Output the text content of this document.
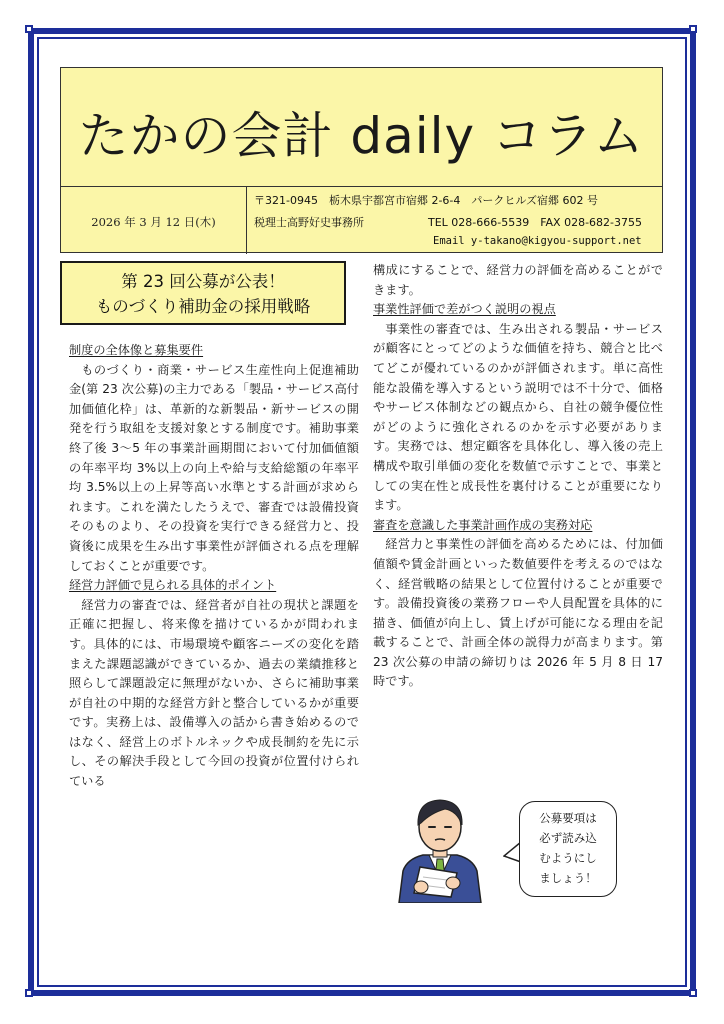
たかの会計 daily コラム
2026 年 3 月 12 日(木)
〒321-0945　栃木県宇都宮市宿郷 2-6-4　パークヒルズ宿郷 602 号
税理士高野好史事務所	TEL 028-666-5539　FAX 028-682-3755
Email y-takano@kigyou-support.net
第 23 回公募が公表！
ものづくり補助金の採用戦略
制度の全体像と募集要件

ものづくり・商業・サービス生産性向上促進補助金(第 23 次公募)の主力である「製品・サービス高付加価値化枠」は、革新的な新製品・新サービスの開発を行う取組を支援対象とする制度です。補助事業終了後 3～5 年の事業計画期間において付加価値額の年率平均 3%以上の向上や給与支給総額の年率平均 3.5%以上の上昇等高い水準とする計画が求められます。これを満たしたうえで、審査では設備投資そのものより、その投資を実行できる経営力と、投資後に成果を生み出す事業性が評価される点を理解しておくことが重要です。

経営力評価で見られる具体的ポイント

経営力の審査では、経営者が自社の現状と課題を正確に把握し、将来像を描けているかが問われます。具体的には、市場環境や顧客ニーズの変化を踏まえた課題認識ができているか、過去の業績推移と照らして課題設定に無理がないか、さらに補助事業が自社の中期的な経営方針と整合しているかが重要です。実務上は、設備導入の話から書き始めるのではなく、経営上のボトルネックや成長制約を先に示し、その解決手段として今回の投資が位置付けられている

構成にすることで、経営力の評価を高めることができます。

事業性評価で差がつく説明の視点

事業性の審査では、生み出される製品・サービスが顧客にとってどのような価値を持ち、競合と比べてどこが優れているのかが評価されます。単に高性能な設備を導入するという説明では不十分で、価格やサービス体制などの観点から、自社の競争優位性がどのように強化されるのかを示す必要があります。実務では、想定顧客を具体化し、導入後の売上構成や取引単価の変化を数値で示すことで、事業としての実在性と成長性を裏付けることが重要になります。

審査を意識した事業計画作成の実務対応

経営力と事業性の評価を高めるためには、付加価値額や賃金計画といった数値要件を考えるのではなく、経営戦略の結果として位置付けることが重要です。設備投資後の業務フローや人員配置を具体的に描き、価値が向上し、賃上げが可能になる理由を記載することで、計画全体の説得力が高まります。第 23 次公募の申請の締切りは 2026 年 5 月 8 日 17 時です。

公募要項は
必ず読み込
むようにし
ましょう！
